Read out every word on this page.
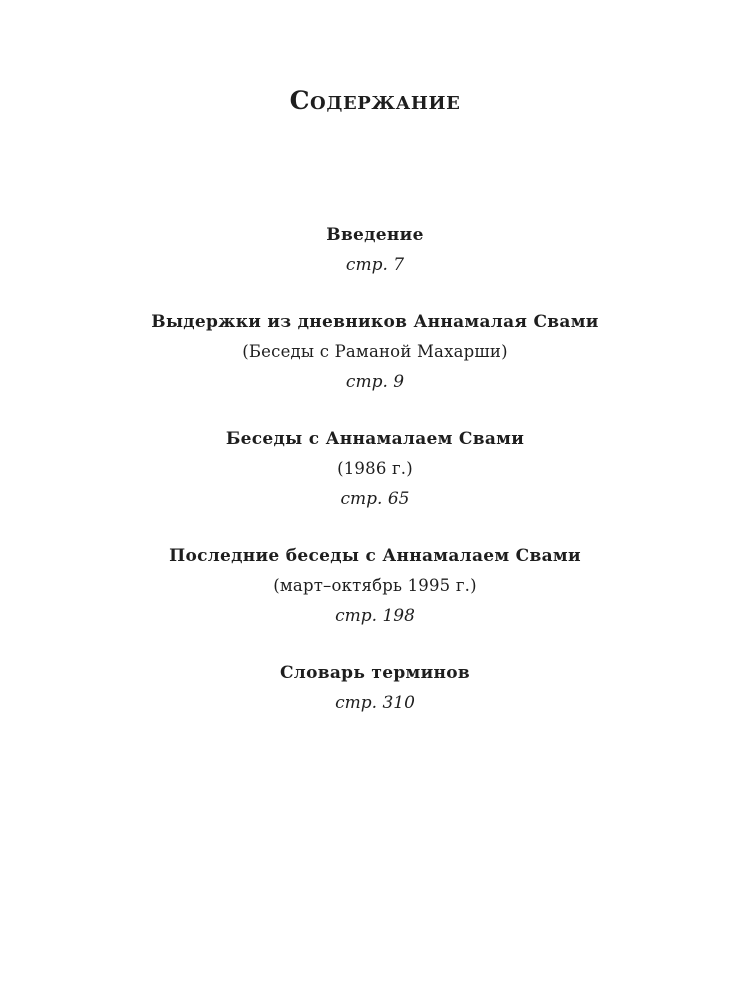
Содержание
Введение
стр. 7
Выдержки из дневников Аннамалая Свами
(Беседы с Раманой Махарши)
стр. 9
Беседы с Аннамалаем Свами
(1986 г.)
стр. 65
Последние беседы с Аннамалаем Свами
(март–октябрь 1995 г.)
стр. 198
Словарь терминов
стр. 310
